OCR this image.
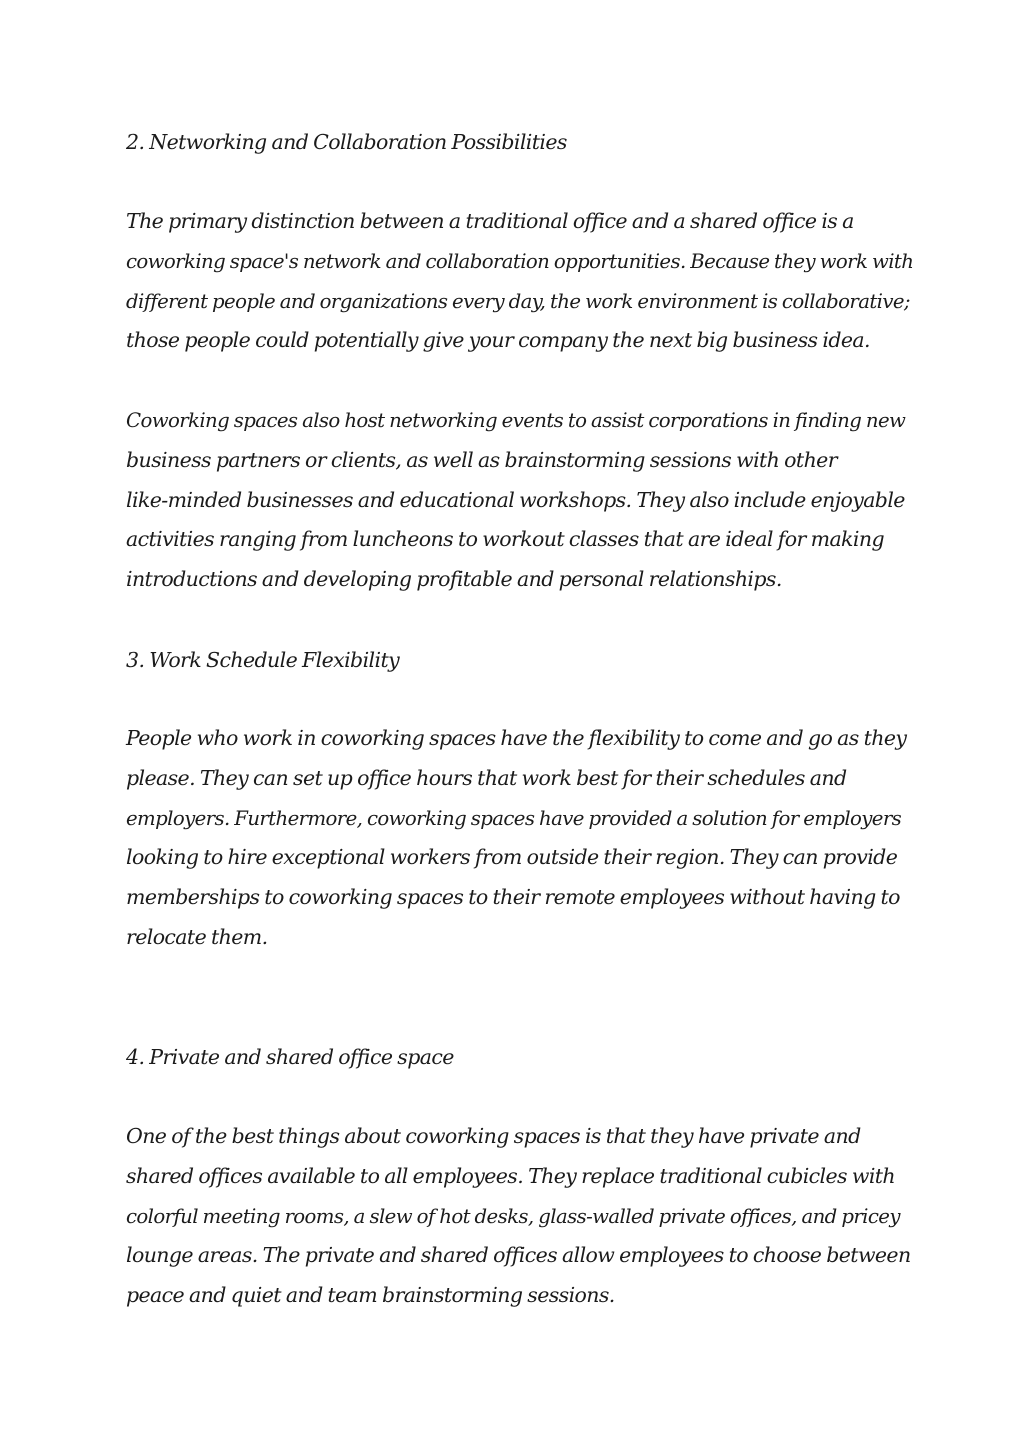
2. Networking and Collaboration Possibilities

The primary distinction between a traditional office and a shared office is a
coworking space's network and collaboration opportunities. Because they work with
different people and organizations every day, the work environment is collaborative;
those people could potentially give your company the next big business idea.

Coworking spaces also host networking events to assist corporations in finding new
business partners or clients, as well as brainstorming sessions with other
like-minded businesses and educational workshops. They also include enjoyable
activities ranging from luncheons to workout classes that are ideal for making
introductions and developing profitable and personal relationships.

3. Work Schedule Flexibility

People who work in coworking spaces have the flexibility to come and go as they
please. They can set up office hours that work best for their schedules and
employers. Furthermore, coworking spaces have provided a solution for employers
looking to hire exceptional workers from outside their region. They can provide
memberships to coworking spaces to their remote employees without having to
relocate them.

4. Private and shared office space

One of the best things about coworking spaces is that they have private and
shared offices available to all employees. They replace traditional cubicles with
colorful meeting rooms, a slew of hot desks, glass-walled private offices, and pricey
lounge areas. The private and shared offices allow employees to choose between
peace and quiet and team brainstorming sessions.
